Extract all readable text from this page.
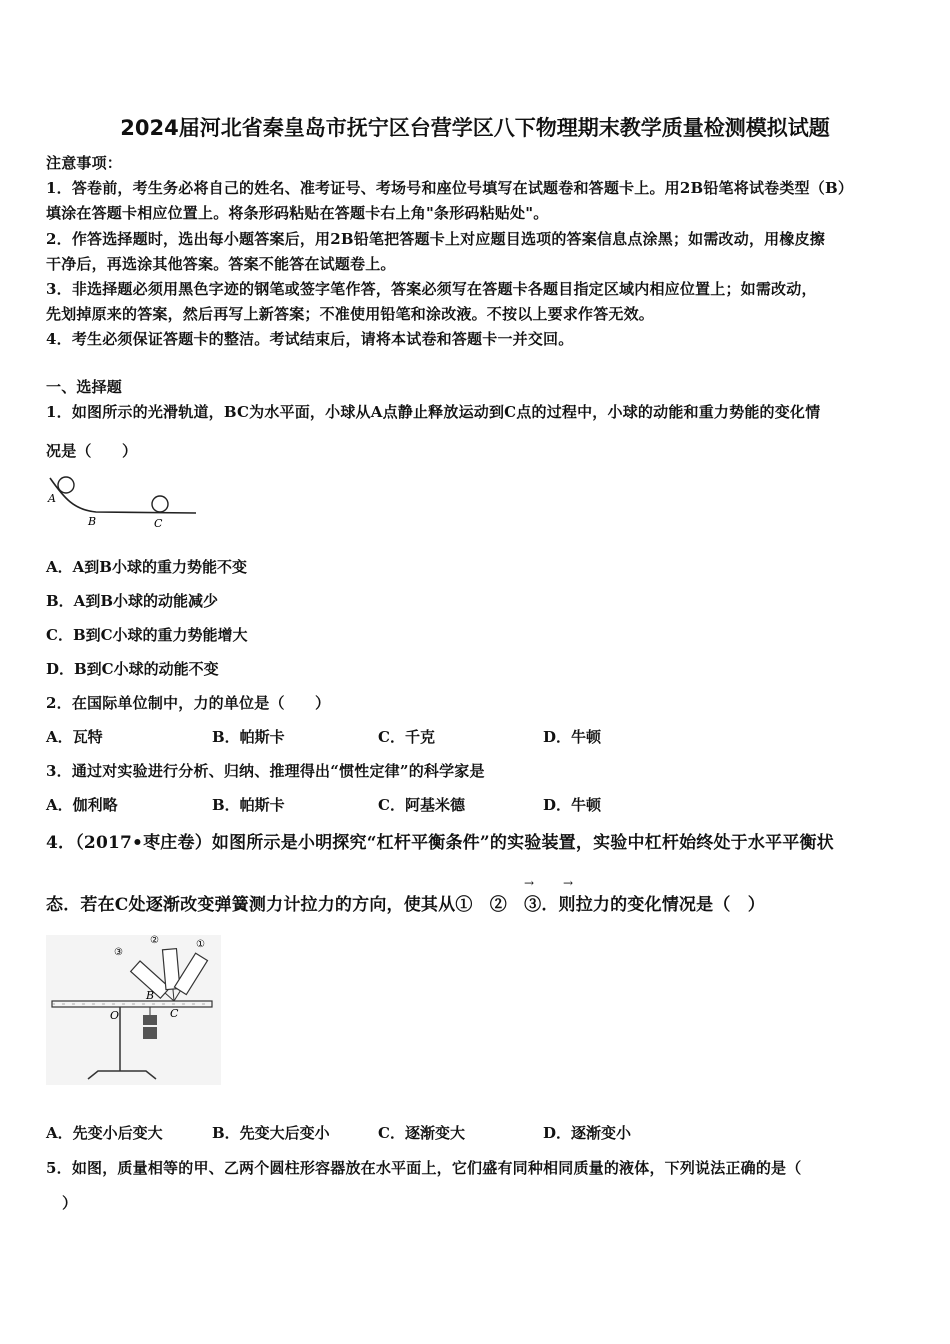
2024届河北省秦皇岛市抚宁区台营学区八下物理期末教学质量检测模拟试题
注意事项：
1．答卷前，考生务必将自己的姓名、准考证号、考场号和座位号填写在试题卷和答题卡上。用2B铅笔将试卷类型（B）
填涂在答题卡相应位置上。将条形码粘贴在答题卡右上角"条形码粘贴处"。
2．作答选择题时，选出每小题答案后，用2B铅笔把答题卡上对应题目选项的答案信息点涂黑；如需改动，用橡皮擦
干净后，再选涂其他答案。答案不能答在试题卷上。
3．非选择题必须用黑色字迹的钢笔或签字笔作答，答案必须写在答题卡各题目指定区域内相应位置上；如需改动，
先划掉原来的答案，然后再写上新答案；不准使用铅笔和涂改液。不按以上要求作答无效。
4．考生必须保证答题卡的整洁。考试结束后，请将本试卷和答题卡一并交回。
一、选择题
1．如图所示的光滑轨道，BC为水平面，小球从A点静止释放运动到C点的过程中，小球的动能和重力势能的变化情
况是（　　）
A
B	C
A．A到B小球的重力势能不变
B．A到B小球的动能减少
C．B到C小球的重力势能增大
D．B到C小球的动能不变
2．在国际单位制中，力的单位是（　　）
A．瓦特	B．帕斯卡	C．千克	D．牛顿
3．通过对实验进行分析、归纳、推理得出“惯性定律”的科学家是
A．伽利略	B．帕斯卡	C．阿基米德	D．牛顿
4．（2017•枣庄卷）如图所示是小明探究“杠杆平衡条件”的实验装置，实验中杠杆始终处于水平平衡状
态．若在C处逐渐改变弹簧测力计拉力的方向，使其从①　②　③．则拉力的变化情况是（　）
→ →
③
②	①
O
B
C
A．先变小后变大	B．先变大后变小	C．逐渐变大	D．逐渐变小
5．如图，质量相等的甲、乙两个圆柱形容器放在水平面上，它们盛有同种相同质量的液体，下列说法正确的是（
）
